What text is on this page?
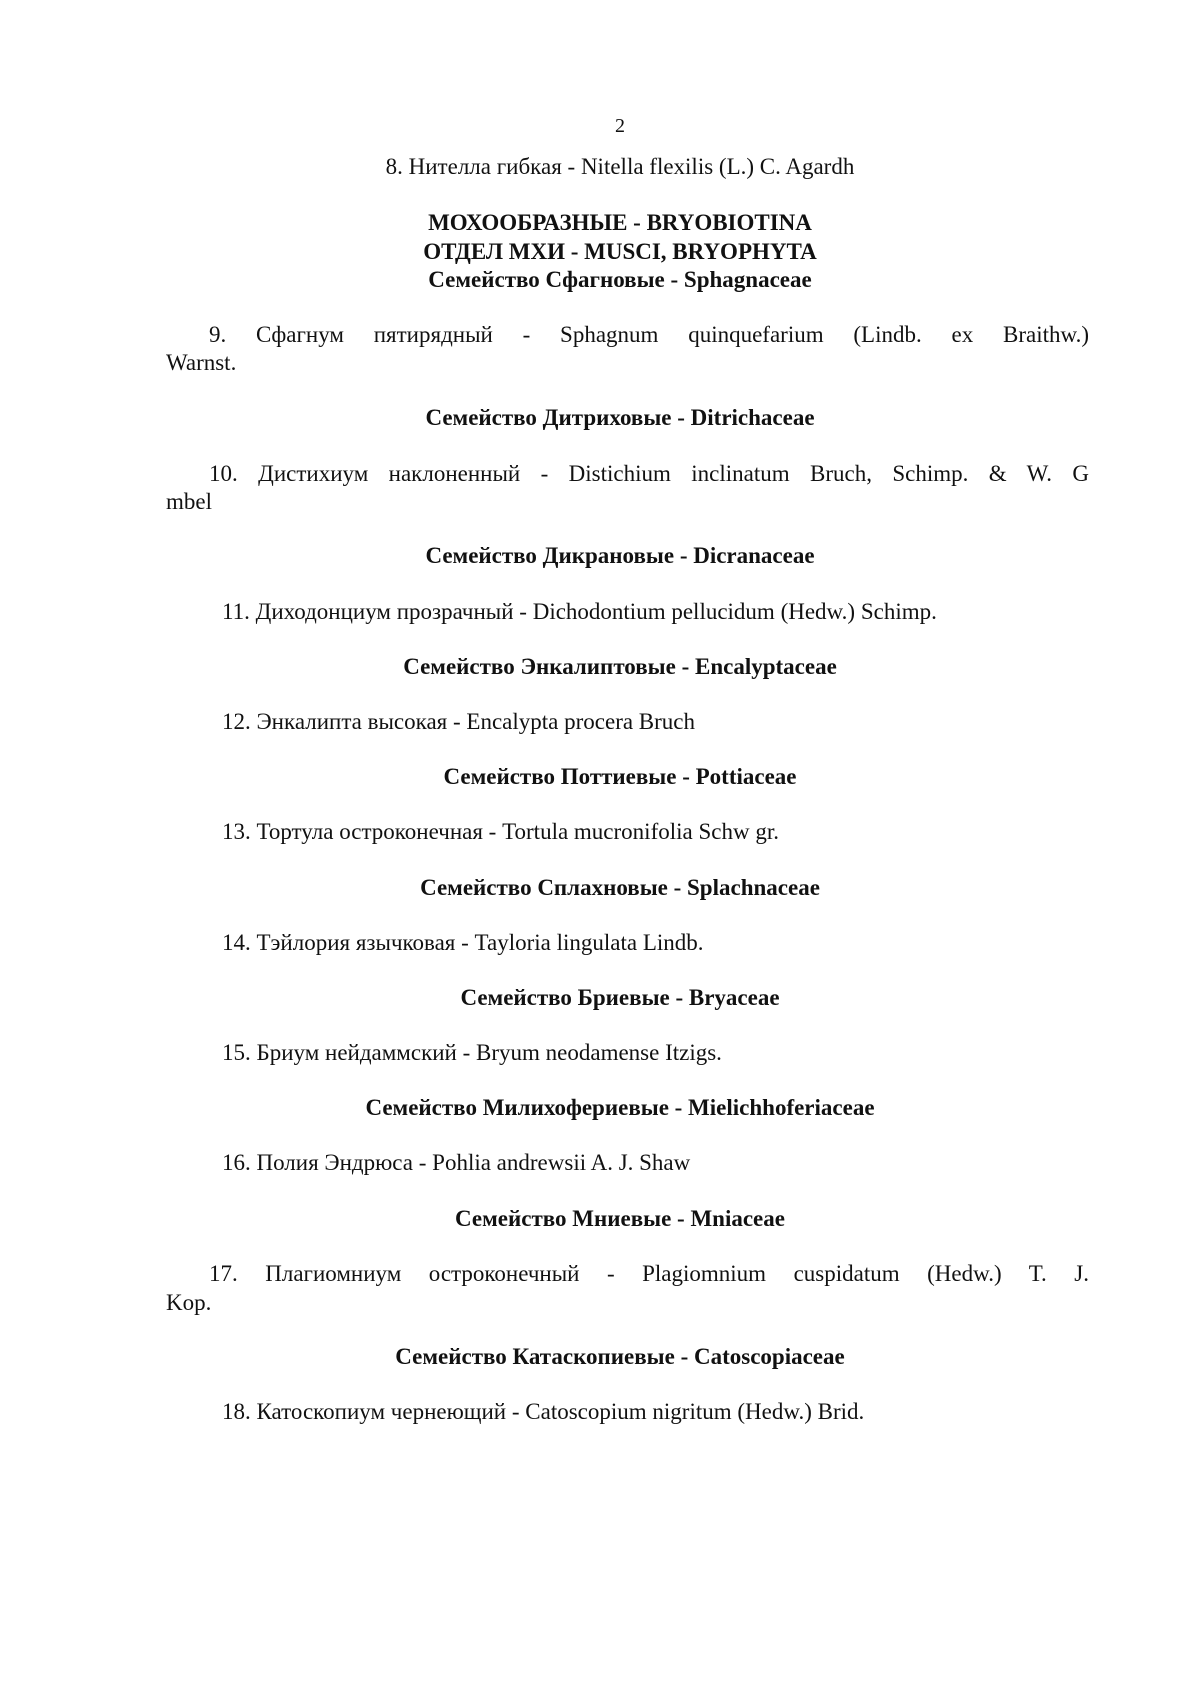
2
8. Нителла гибкая - Nitella flexilis (L.) C. Agardh
МОХООБРАЗНЫЕ - BRYOBIOTINA
ОТДЕЛ МХИ - MUSCI, BRYOPHYTA
Семейство Сфагновые - Sphagnaceae
9. Сфагнум пятирядный - Sphagnum quinquefarium (Lindb. ex Braithw.)
Warnst.
Семейство Дитриховые - Ditrichaceae
10. Дистихиум наклоненный - Distichium inclinatum Bruch, Schimp. & W. G
mbel
Семейство Дикрановые - Dicranaceae
11. Диходонциум прозрачный - Dichodontium pellucidum (Hedw.) Schimp.
Семейство Энкалиптовые - Encalyptaceae
12. Энкалипта высокая - Encalypta procera Bruch
Семейство Поттиевые - Pottiaceae
13. Тортула остроконечная - Tortula mucronifolia Schw gr.
Семейство Сплахновые - Splachnaceae
14. Тэйлория язычковая - Tayloria lingulata Lindb.
Семейство Бриевые - Bryaceae
15. Бриум нейдаммский - Bryum neodamense Itzigs.
Семейство Милихофериевые - Mielichhoferiaceae
16. Полия Эндрюса - Pohlia andrewsii A. J. Shaw
Семейство Мниевые - Mniaceae
17. Плагиомниум остроконечный - Plagiomnium cuspidatum (Hedw.) T. J.
Kop.
Семейство Катаскопиевые - Catoscopiaceae
18. Катоскопиум чернеющий - Catoscopium nigritum (Hedw.) Brid.
